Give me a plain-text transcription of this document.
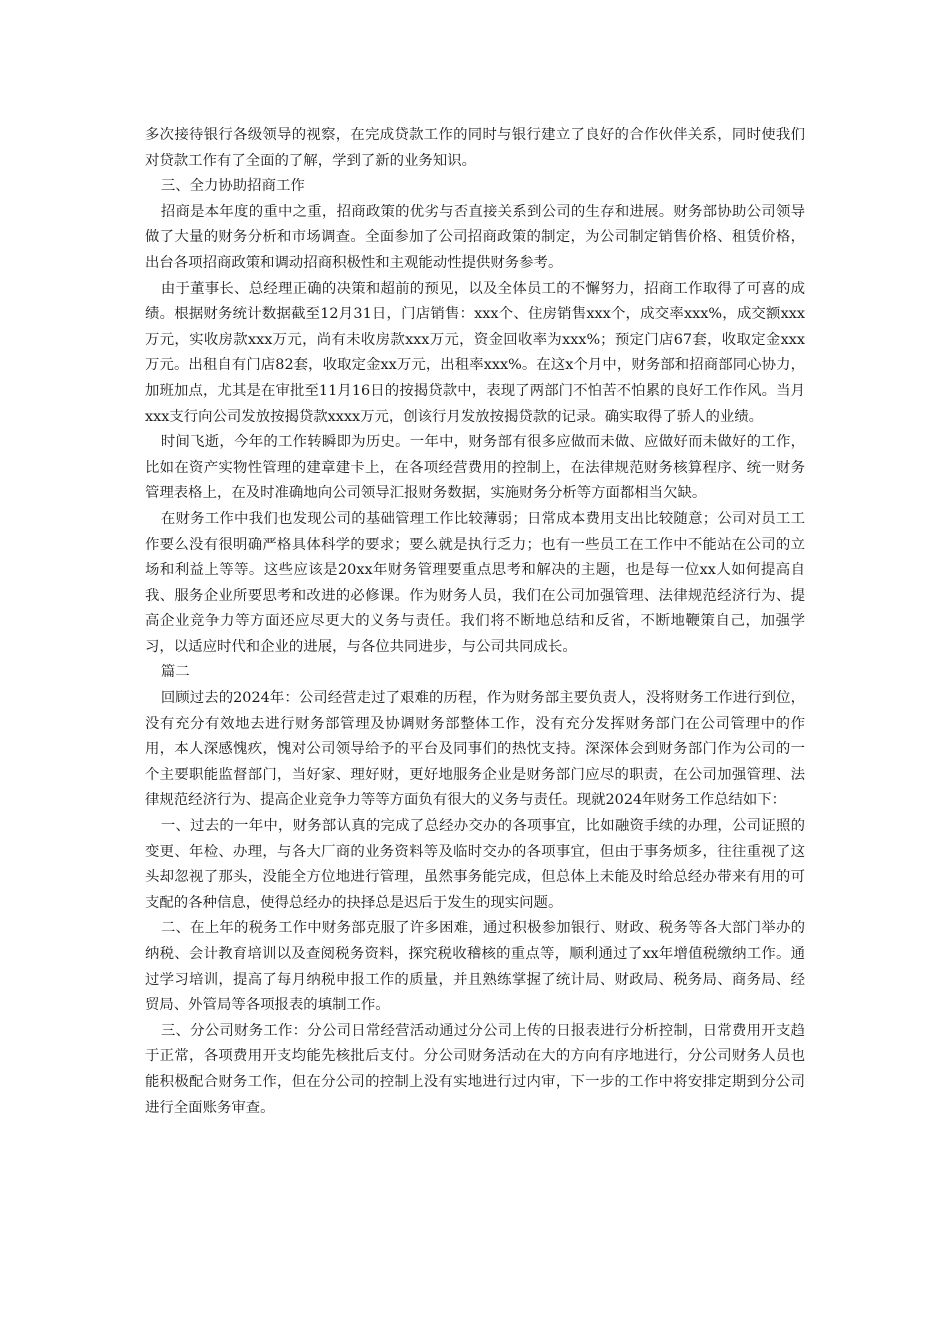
多次接待银行各级领导的视察，在完成贷款工作的同时与银行建立了良好的合作伙伴关系，同时使我们对贷款工作有了全面的了解，学到了新的业务知识。

三、全力协助招商工作

招商是本年度的重中之重，招商政策的优劣与否直接关系到公司的生存和进展。财务部协助公司领导做了大量的财务分析和市场调查。全面参加了公司招商政策的制定，为公司制定销售价格、租赁价格，出台各项招商政策和调动招商积极性和主观能动性提供财务参考。

由于董事长、总经理正确的决策和超前的预见，以及全体员工的不懈努力，招商工作取得了可喜的成绩。根据财务统计数据截至12月31日，门店销售：xxx个、住房销售xxx个，成交率xxx%，成交额xxx万元，实收房款xxx万元，尚有未收房款xxx万元，资金回收率为xxx%；预定门店67套，收取定金xxx万元。出租自有门店82套，收取定金xx万元，出租率xxx%。在这x个月中，财务部和招商部同心协力，加班加点，尤其是在审批至11月16日的按揭贷款中，表现了两部门不怕苦不怕累的良好工作作风。当月xxx支行向公司发放按揭贷款xxxx万元，创该行月发放按揭贷款的记录。确实取得了骄人的业绩。

时间飞逝，今年的工作转瞬即为历史。一年中，财务部有很多应做而未做、应做好而未做好的工作，比如在资产实物性管理的建章建卡上，在各项经营费用的控制上，在法律规范财务核算程序、统一财务管理表格上，在及时准确地向公司领导汇报财务数据，实施财务分析等方面都相当欠缺。

在财务工作中我们也发现公司的基础管理工作比较薄弱；日常成本费用支出比较随意；公司对员工工作要么没有很明确严格具体科学的要求；要么就是执行乏力；也有一些员工在工作中不能站在公司的立场和利益上等等。这些应该是20xx年财务管理要重点思考和解决的主题，也是每一位xx人如何提高自我、服务企业所要思考和改进的必修课。作为财务人员，我们在公司加强管理、法律规范经济行为、提高企业竞争力等方面还应尽更大的义务与责任。我们将不断地总结和反省，不断地鞭策自己，加强学习，以适应时代和企业的进展，与各位共同进步，与公司共同成长。

篇二

回顾过去的2024年：公司经营走过了艰难的历程，作为财务部主要负责人，没将财务工作进行到位，没有充分有效地去进行财务部管理及协调财务部整体工作，没有充分发挥财务部门在公司管理中的作用，本人深感愧疚，愧对公司领导给予的平台及同事们的热忱支持。深深体会到财务部门作为公司的一个主要职能监督部门，当好家、理好财，更好地服务企业是财务部门应尽的职责，在公司加强管理、法律规范经济行为、提高企业竞争力等等方面负有很大的义务与责任。现就2024年财务工作总结如下：

一、过去的一年中，财务部认真的完成了总经办交办的各项事宜，比如融资手续的办理，公司证照的变更、年检、办理，与各大厂商的业务资料等及临时交办的各项事宜，但由于事务烦多，往往重视了这头却忽视了那头，没能全方位地进行管理，虽然事务能完成，但总体上未能及时给总经办带来有用的可支配的各种信息，使得总经办的抉择总是迟后于发生的现实问题。

二、在上年的税务工作中财务部克服了许多困难，通过积极参加银行、财政、税务等各大部门举办的纳税、会计教育培训以及查阅税务资料，探究税收稽核的重点等，顺利通过了xx年增值税缴纳工作。通过学习培训，提高了每月纳税申报工作的质量，并且熟练掌握了统计局、财政局、税务局、商务局、经贸局、外管局等各项报表的填制工作。

三、分公司财务工作：分公司日常经营活动通过分公司上传的日报表进行分析控制，日常费用开支趋于正常，各项费用开支均能先核批后支付。分公司财务活动在大的方向有序地进行，分公司财务人员也能积极配合财务工作，但在分公司的控制上没有实地进行过内审，下一步的工作中将安排定期到分公司进行全面账务审查。
